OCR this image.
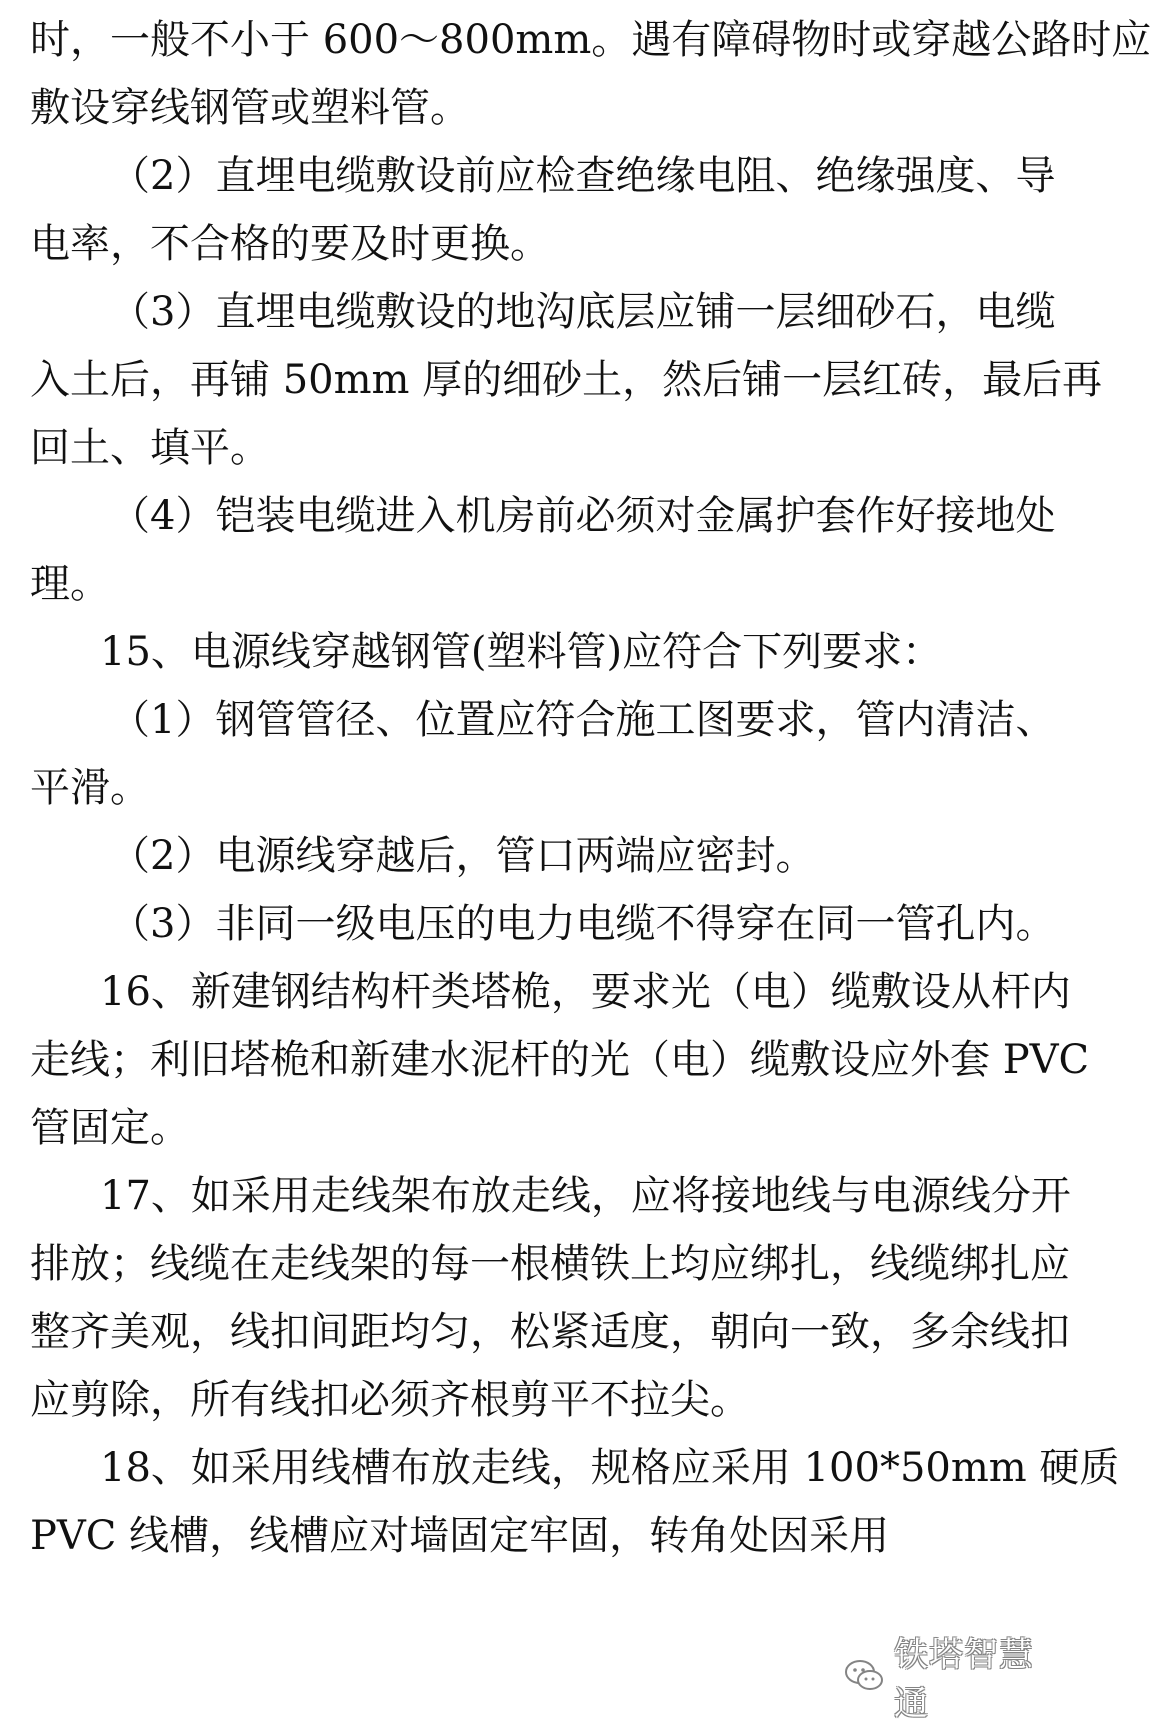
时，一般不小于 600～800mm。遇有障碍物时或穿越公路时应
敷设穿线钢管或塑料管。
（2）直埋电缆敷设前应检查绝缘电阻、绝缘强度、导
电率，不合格的要及时更换。
（3）直埋电缆敷设的地沟底层应铺一层细砂石，电缆
入土后，再铺 50mm 厚的细砂土，然后铺一层红砖，最后再
回土、填平。
（4）铠装电缆进入机房前必须对金属护套作好接地处
理。
15、电源线穿越钢管(塑料管)应符合下列要求：
（1）钢管管径、位置应符合施工图要求，管内清洁、
平滑。
（2）电源线穿越后，管口两端应密封。
（3）非同一级电压的电力电缆不得穿在同一管孔内。
16、新建钢结构杆类塔桅，要求光（电）缆敷设从杆内
走线；利旧塔桅和新建水泥杆的光（电）缆敷设应外套 PVC
管固定。
17、如采用走线架布放走线，应将接地线与电源线分开
排放；线缆在走线架的每一根横铁上均应绑扎，线缆绑扎应
整齐美观，线扣间距均匀，松紧适度，朝向一致，多余线扣
应剪除，所有线扣必须齐根剪平不拉尖。
18、如采用线槽布放走线，规格应采用 100*50mm 硬质
PVC 线槽，线槽应对墙固定牢固，转角处因采用
铁塔智慧通
